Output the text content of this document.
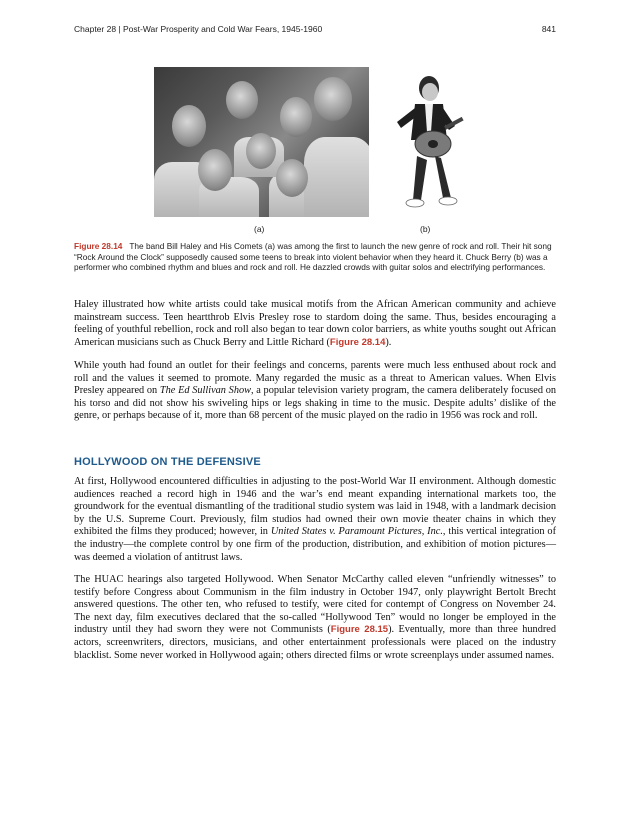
Chapter 28 | Post-War Prosperity and Cold War Fears, 1945-1960	841
(a)	(b)
Figure 28.14 The band Bill Haley and His Comets (a) was among the first to launch the new genre of rock and roll. Their hit song “Rock Around the Clock” supposedly caused some teens to break into violent behavior when they heard it. Chuck Berry (b) was a performer who combined rhythm and blues and rock and roll. He dazzled crowds with guitar solos and electrifying performances.

Haley illustrated how white artists could take musical motifs from the African American community and achieve mainstream success. Teen heartthrob Elvis Presley rose to stardom doing the same. Thus, besides encouraging a feeling of youthful rebellion, rock and roll also began to tear down color barriers, as white youths sought out African American musicians such as Chuck Berry and Little Richard (Figure 28.14).

While youth had found an outlet for their feelings and concerns, parents were much less enthused about rock and roll and the values it seemed to promote. Many regarded the music as a threat to American values. When Elvis Presley appeared on The Ed Sullivan Show, a popular television variety program, the camera deliberately focused on his torso and did not show his swiveling hips or legs shaking in time to the music. Despite adults’ dislike of the genre, or perhaps because of it, more than 68 percent of the music played on the radio in 1956 was rock and roll.

HOLLYWOOD ON THE DEFENSIVE

At first, Hollywood encountered difficulties in adjusting to the post-World War II environment. Although domestic audiences reached a record high in 1946 and the war’s end meant expanding international markets too, the groundwork for the eventual dismantling of the traditional studio system was laid in 1948, with a landmark decision by the U.S. Supreme Court. Previously, film studios had owned their own movie theater chains in which they exhibited the films they produced; however, in United States v. Paramount Pictures, Inc., this vertical integration of the industry—the complete control by one firm of the production, distribution, and exhibition of motion pictures—was deemed a violation of antitrust laws.

The HUAC hearings also targeted Hollywood. When Senator McCarthy called eleven “unfriendly witnesses” to testify before Congress about Communism in the film industry in October 1947, only playwright Bertolt Brecht answered questions. The other ten, who refused to testify, were cited for contempt of Congress on November 24. The next day, film executives declared that the so-called “Hollywood Ten” would no longer be employed in the industry until they had sworn they were not Communists (Figure 28.15). Eventually, more than three hundred actors, screenwriters, directors, musicians, and other entertainment professionals were placed on the industry blacklist. Some never worked in Hollywood again; others directed films or wrote screenplays under assumed names.
